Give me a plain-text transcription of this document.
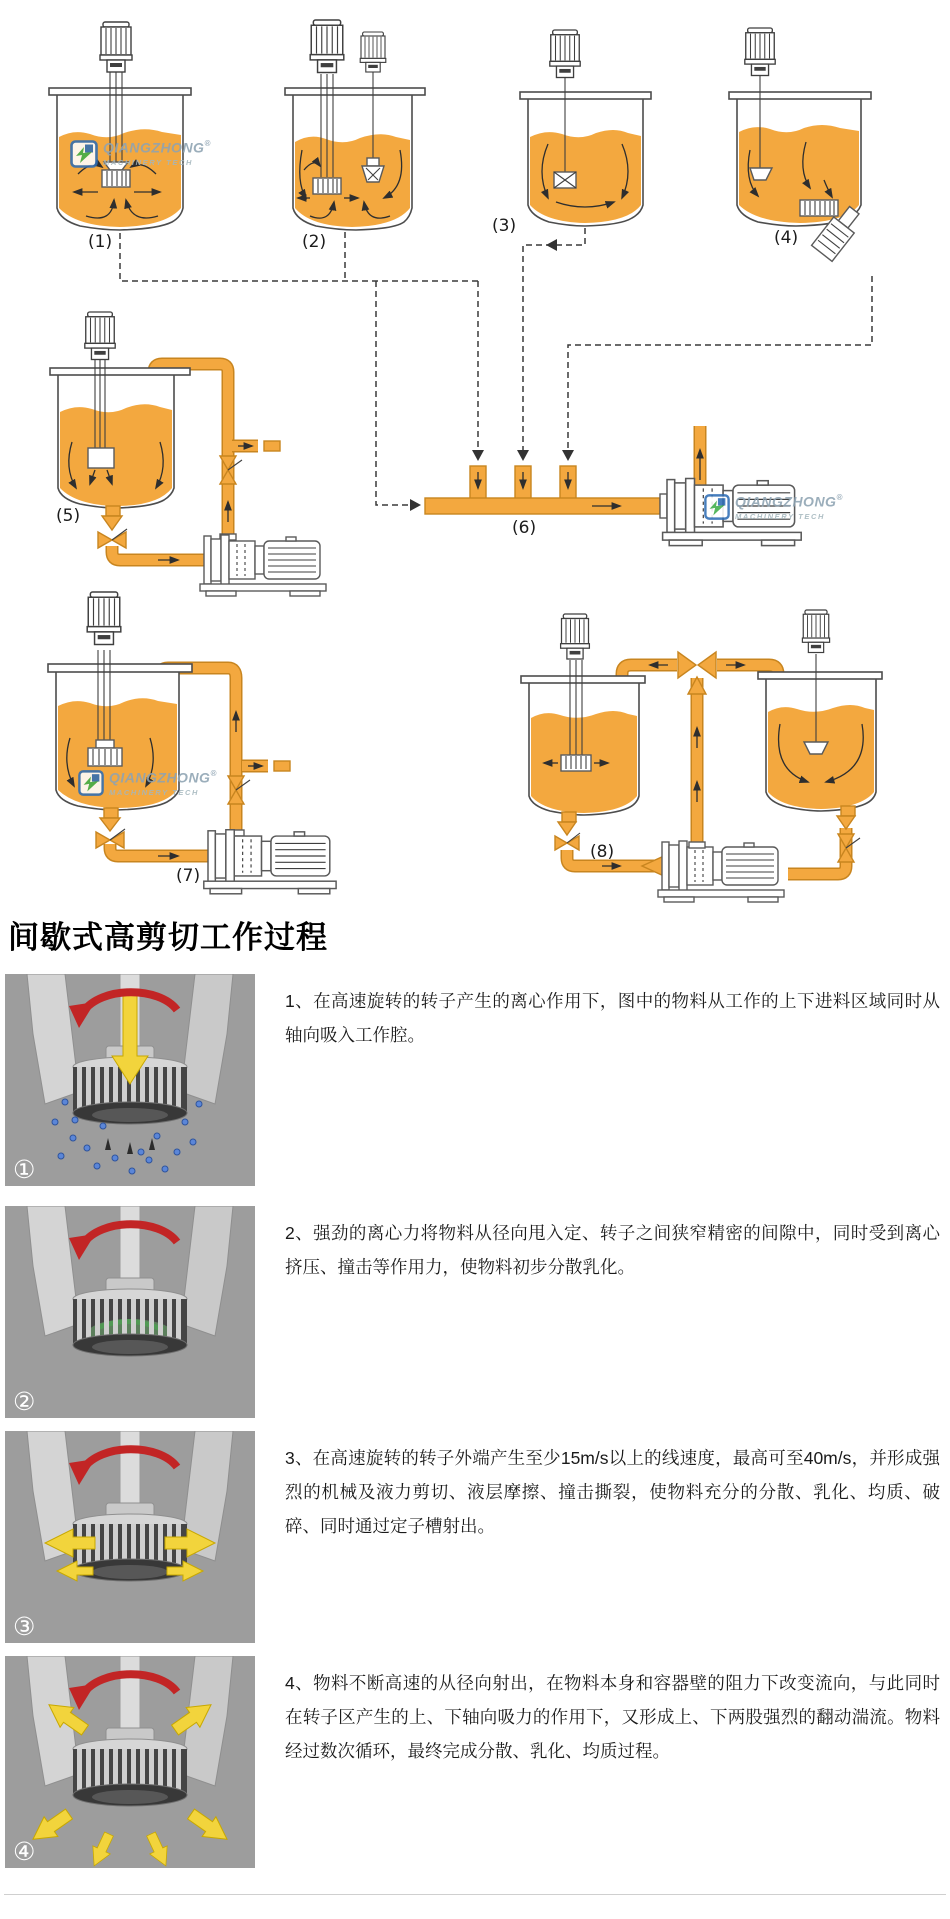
(1)	(2)
(3)
(4)
(5)
(6)
(7)
(8)
QIANGZHONG®
MACHINERY TECH
QIANGZHONG®
MACHINERY TECH
QIANGZHONG®
MACHINERY TECH
间歇式高剪切工作过程
①

1、在高速旋转的转子产生的离心作用下，图中的物料从工作的上下进料区域同时从轴向吸入工作腔。

②

2、强劲的离心力将物料从径向甩入定、转子之间狭窄精密的间隙中，同时受到离心挤压、撞击等作用力，使物料初步分散乳化。

③

3、在高速旋转的转子外端产生至少15m/s以上的线速度，最高可至40m/s，并形成强烈的机械及液力剪切、液层摩擦、撞击撕裂，使物料充分的分散、乳化、均质、破碎、同时通过定子槽射出。

④

4、物料不断高速的从径向射出，在物料本身和容器壁的阻力下改变流向，与此同时在转子区产生的上、下轴向吸力的作用下，又形成上、下两股强烈的翻动湍流。物料经过数次循环，最终完成分散、乳化、均质过程。
